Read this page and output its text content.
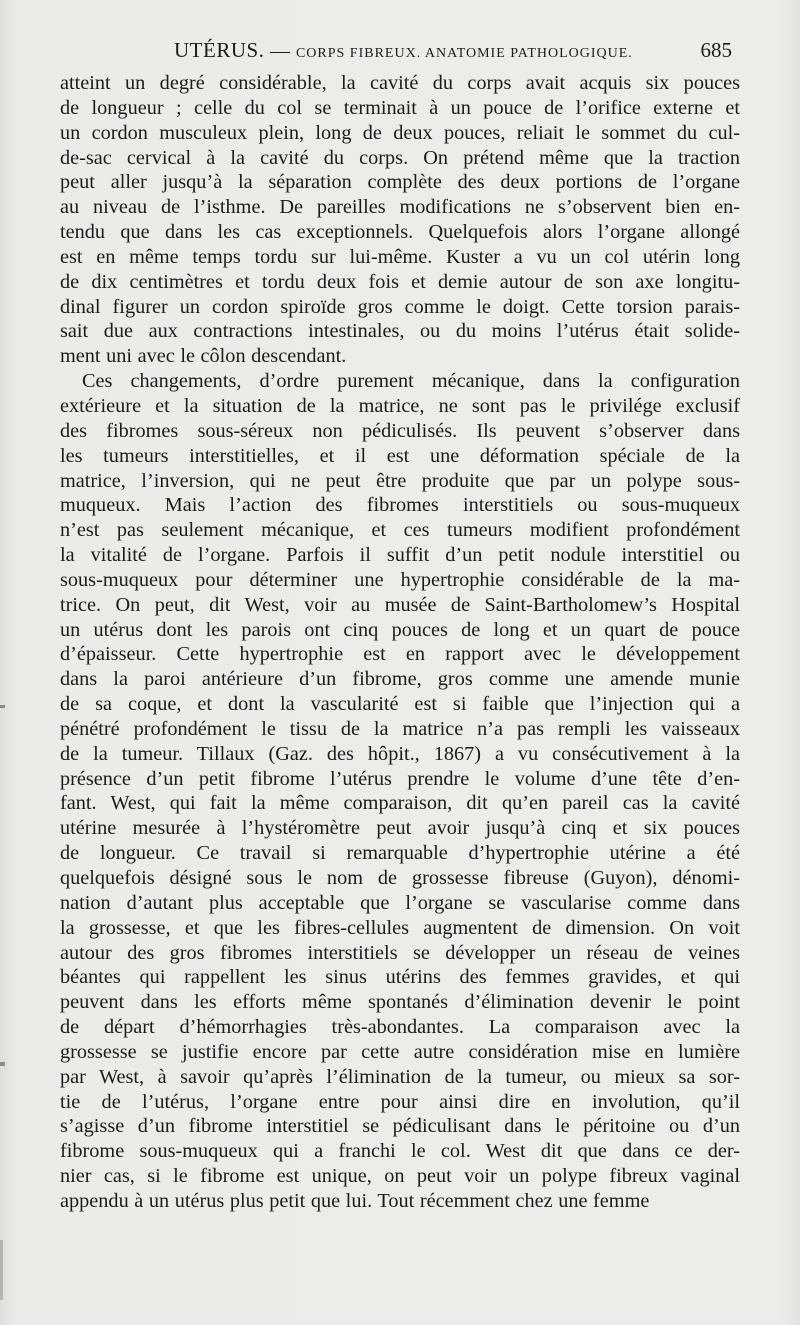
UTÉRUS. — CORPS FIBREUX. ANATOMIE PATHOLOGIQUE.	685
atteint un degré considérable, la cavité du corps avait acquis six pouces
de longueur ; celle du col se terminait à un pouce de l’orifice externe et
un cordon musculeux plein, long de deux pouces, reliait le sommet du cul-
de-sac cervical à la cavité du corps. On prétend même que la traction
peut aller jusqu’à la séparation complète des deux portions de l’organe
au niveau de l’isthme. De pareilles modifications ne s’observent bien en-
tendu que dans les cas exceptionnels. Quelquefois alors l’organe allongé
est en même temps tordu sur lui-même. Kuster a vu un col utérin long
de dix centimètres et tordu deux fois et demie autour de son axe longitu-
dinal figurer un cordon spiroïde gros comme le doigt. Cette torsion parais-
sait due aux contractions intestinales, ou du moins l’utérus était solide-
ment uni avec le côlon descendant.
Ces changements, d’ordre purement mécanique, dans la configuration
extérieure et la situation de la matrice, ne sont pas le privilége exclusif
des fibromes sous-séreux non pédiculisés. Ils peuvent s’observer dans
les tumeurs interstitielles, et il est une déformation spéciale de la
matrice, l’inversion, qui ne peut être produite que par un polype sous-
muqueux. Mais l’action des fibromes interstitiels ou sous-muqueux
n’est pas seulement mécanique, et ces tumeurs modifient profondément
la vitalité de l’organe. Parfois il suffit d’un petit nodule interstitiel ou
sous-muqueux pour déterminer une hypertrophie considérable de la ma-
trice. On peut, dit West, voir au musée de Saint-Bartholomew’s Hospital
un utérus dont les parois ont cinq pouces de long et un quart de pouce
d’épaisseur. Cette hypertrophie est en rapport avec le développement
dans la paroi antérieure d’un fibrome, gros comme une amende munie
de sa coque, et dont la vascularité est si faible que l’injection qui a
pénétré profondément le tissu de la matrice n’a pas rempli les vaisseaux
de la tumeur. Tillaux (Gaz. des hôpit., 1867) a vu consécutivement à la
présence d’un petit fibrome l’utérus prendre le volume d’une tête d’en-
fant. West, qui fait la même comparaison, dit qu’en pareil cas la cavité
utérine mesurée à l’hystéromètre peut avoir jusqu’à cinq et six pouces
de longueur. Ce travail si remarquable d’hypertrophie utérine a été
quelquefois désigné sous le nom de grossesse fibreuse (Guyon), dénomi-
nation d’autant plus acceptable que l’organe se vascularise comme dans
la grossesse, et que les fibres-cellules augmentent de dimension. On voit
autour des gros fibromes interstitiels se développer un réseau de veines
béantes qui rappellent les sinus utérins des femmes gravides, et qui
peuvent dans les efforts même spontanés d’élimination devenir le point
de départ d’hémorrhagies très-abondantes. La comparaison avec la
grossesse se justifie encore par cette autre considération mise en lumière
par West, à savoir qu’après l’élimination de la tumeur, ou mieux sa sor-
tie de l’utérus, l’organe entre pour ainsi dire en involution, qu’il
s’agisse d’un fibrome interstitiel se pédiculisant dans le péritoine ou d’un
fibrome sous-muqueux qui a franchi le col. West dit que dans ce der-
nier cas, si le fibrome est unique, on peut voir un polype fibreux vaginal
appendu à un utérus plus petit que lui. Tout récemment chez une femme
